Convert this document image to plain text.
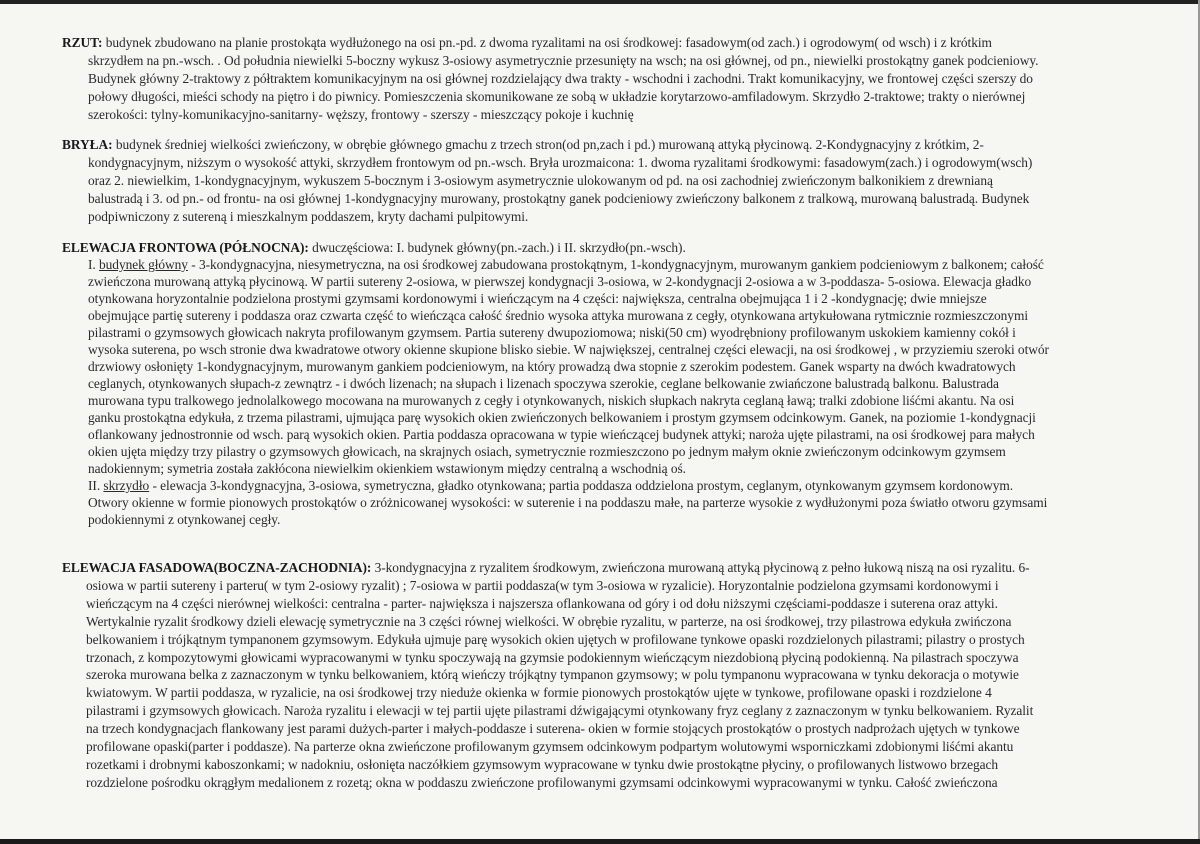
RZUT: budynek zbudowano na planie prostokąta wydłużonego na osi pn.-pd. z dwoma ryzalitami na osi środkowej: fasadowym(od zach.) i ogrodowym( od wsch) i z krótkim
skrzydłem na pn.-wsch. . Od południa niewielki 5-boczny wykusz 3-osiowy asymetrycznie przesunięty na wsch; na osi głównej, od pn., niewielki prostokątny ganek podcieniowy.
Budynek główny 2-traktowy z półtraktem komunikacyjnym na osi głównej rozdzielający dwa trakty - wschodni i zachodni. Trakt komunikacyjny, we frontowej części szerszy do
połowy długości, mieści schody na piętro i do piwnicy. Pomieszczenia skomunikowane ze sobą w układzie korytarzowo-amfiladowym. Skrzydło 2-traktowe; trakty o nierównej
szerokości: tylny-komunikacyjno-sanitarny- węższy, frontowy - szerszy - mieszczący pokoje i kuchnię
BRYŁA: budynek średniej wielkości zwieńczony, w obrębie głównego gmachu z trzech stron(od pn,zach i pd.) murowaną attyką płycinową. 2-Kondygnacyjny z krótkim, 2-
kondygnacyjnym, niższym o wysokość attyki, skrzydłem frontowym od pn.-wsch. Bryła urozmaicona: 1. dwoma ryzalitami środkowymi: fasadowym(zach.) i ogrodowym(wsch)
oraz 2. niewielkim, 1-kondygnacyjnym, wykuszem 5-bocznym i 3-osiowym asymetrycznie ulokowanym od pd. na osi zachodniej zwieńczonym balkonikiem z drewnianą
balustradą i 3. od pn.- od frontu- na osi głównej 1-kondygnacyjny murowany, prostokątny ganek podcieniowy zwieńczony balkonem z tralkową, murowaną balustradą. Budynek
podpiwniczony z sutereną i mieszkalnym poddaszem, kryty dachami pulpitowymi.
ELEWACJA FRONTOWA (PÓŁNOCNA): dwuczęściowa: I. budynek główny(pn.-zach.) i II. skrzydło(pn.-wsch).
I. budynek główny - 3-kondygnacyjna, niesymetryczna, na osi środkowej zabudowana prostokątnym, 1-kondygnacyjnym, murowanym gankiem podcieniowym z balkonem; całość
zwieńczona murowaną attyką płycinową. W partii sutereny 2-osiowa, w pierwszej kondygnacji 3-osiowa, w 2-kondygnacji 2-osiowa a w 3-poddasza- 5-osiowa. Elewacja gładko
otynkowana horyzontalnie podzielona prostymi gzymsami kordonowymi i wieńczącym na 4 części: największa, centralna obejmująca 1 i 2 -kondygnację; dwie mniejsze
obejmujące partię sutereny i poddasza oraz czwarta część to wieńcząca całość średnio wysoka attyka murowana z cegły, otynkowana artykułowana rytmicznie rozmieszczonymi
pilastrami o gzymsowych głowicach nakryta profilowanym gzymsem. Partia sutereny dwupoziomowa; niski(50 cm) wyodrębniony profilowanym uskokiem kamienny cokół i
wysoka suterena, po wsch stronie dwa kwadratowe otwory okienne skupione blisko siebie. W największej, centralnej części elewacji, na osi środkowej , w przyziemiu szeroki otwór
drzwiowy osłonięty 1-kondygnacyjnym, murowanym gankiem podcieniowym, na który prowadzą dwa stopnie z szerokim podestem. Ganek wsparty na dwóch kwadratowych
ceglanych, otynkowanych słupach-z zewnątrz - i dwóch lizenach; na słupach i lizenach spoczywa szerokie, ceglane belkowanie zwiańczone balustradą balkonu. Balustrada
murowana typu tralkowego jednolalkowego mocowana na murowanych z cegły i otynkowanych, niskich słupkach nakryta ceglaną ławą; tralki zdobione liśćmi akantu. Na osi
ganku prostokątna edykuła, z trzema pilastrami, ujmująca parę wysokich okien zwieńczonych belkowaniem i prostym gzymsem odcinkowym. Ganek, na poziomie 1-kondygnacji
oflankowany jednostronnie od wsch. parą wysokich okien. Partia poddasza opracowana w typie wieńczącej budynek attyki; naroża ujęte pilastrami, na osi środkowej para małych
okien ujęta między trzy pilastry o gzymsowych głowicach, na skrajnych osiach, symetrycznie rozmieszczono po jednym małym oknie zwieńczonym odcinkowym gzymsem
nadokiennym; symetria została zakłócona niewielkim okienkiem wstawionym między centralną a wschodnią oś.
II. skrzydło - elewacja 3-kondygnacyjna, 3-osiowa, symetryczna, gładko otynkowana; partia poddasza oddzielona prostym, ceglanym, otynkowanym gzymsem kordonowym.
Otwory okienne w formie pionowych prostokątów o zróżnicowanej wysokości: w suterenie i na poddaszu małe, na parterze wysokie z wydłużonymi poza światło otworu gzymsami
podokiennymi z otynkowanej cegły.
ELEWACJA FASADOWA(BOCZNA-ZACHODNIA): 3-kondygnacyjna z ryzalitem środkowym, zwieńczona murowaną attyką płycinową z pełno łukową niszą na osi ryzalitu. 6-
osiowa w partii sutereny i parteru( w tym 2-osiowy ryzalit) ; 7-osiowa w partii poddasza(w tym 3-osiowa w ryzalicie). Horyzontalnie podzielona gzymsami kordonowymi i
wieńczącym na 4 części nierównej wielkości: centralna - parter- największa i najszersza oflankowana od góry i od dołu niższymi częściami-poddasze i suterena oraz attyki.
Wertykalnie ryzalit środkowy dzieli elewację symetrycznie na 3 części równej wielkości. W obrębie ryzalitu, w parterze, na osi środkowej, trzy pilastrowa edykuła zwińczona
belkowaniem i trójkątnym tympanonem gzymsowym. Edykuła ujmuje parę wysokich okien ujętych w profilowane tynkowe opaski rozdzielonych pilastrami; pilastry o prostych
trzonach, z kompozytowymi głowicami wypracowanymi w tynku spoczywają na gzymsie podokiennym wieńczącym niezdobioną płyciną podokienną. Na pilastrach spoczywa
szeroka murowana belka z zaznaczonym w tynku belkowaniem, którą wieńczy trójkątny tympanon gzymsowy; w polu tympanonu wypracowana w tynku dekoracja o motywie
kwiatowym. W partii poddasza, w ryzalicie, na osi środkowej trzy nieduże okienka w formie pionowych prostokątów ujęte w tynkowe, profilowane opaski i rozdzielone 4
pilastrami i gzymsowych głowicach. Naroża ryzalitu i elewacji w tej partii ujęte pilastrami dźwigającymi otynkowany fryz ceglany z zaznaczonym w tynku belkowaniem. Ryzalit
na trzech kondygnacjach flankowany jest parami dużych-parter i małych-poddasze i suterena- okien w formie stojących prostokątów o prostych nadprożach ujętych w tynkowe
profilowane opaski(parter i poddasze). Na parterze okna zwieńczone profilowanym gzymsem odcinkowym podpartym wolutowymi wsporniczkami zdobionymi liśćmi akantu
rozetkami i drobnymi kaboszonkami; w nadokniu, osłonięta naczółkiem gzymsowym wypracowane w tynku dwie prostokątne płyciny, o profilowanych listwowo brzegach
rozdzielone pośrodku okrągłym medalionem z rozetą; okna w poddaszu zwieńczone profilowanymi gzymsami odcinkowymi wypracowanymi w tynku. Całość zwieńczona
